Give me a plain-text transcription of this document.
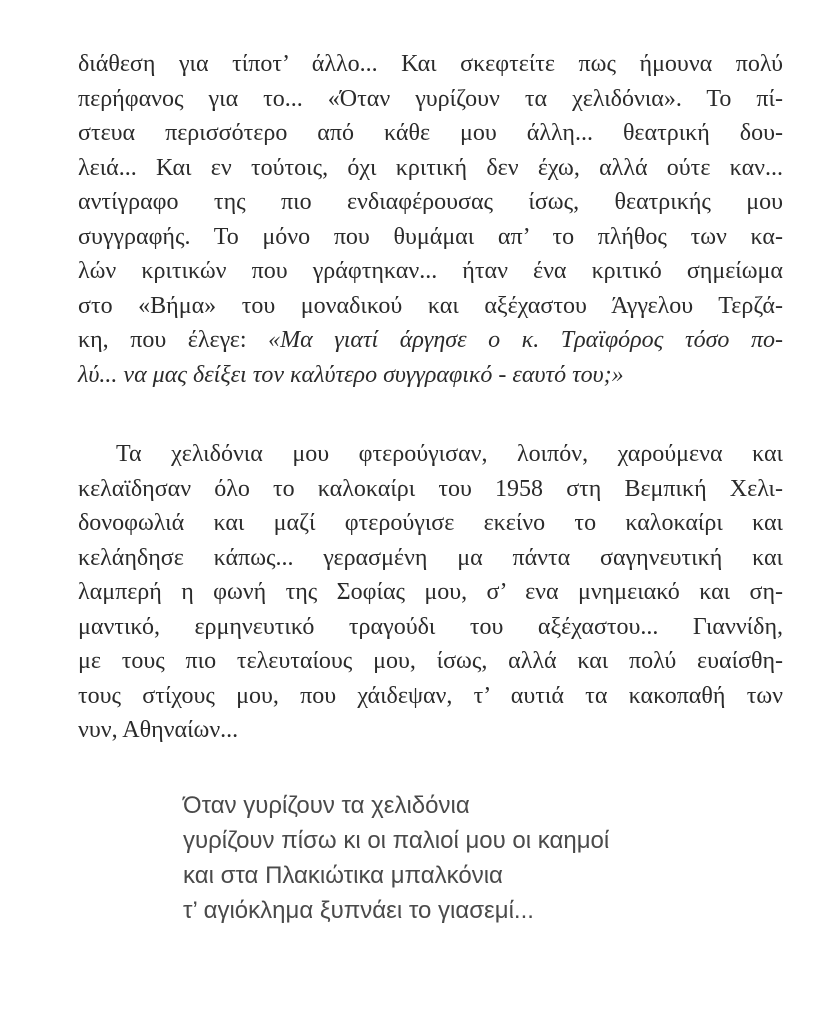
διάθεση για τίποτ’ άλλο... Και σκεφτείτε πως ήμουνα πολύ
περήφανος για το... «Όταν γυρίζουν τα χελιδόνια». Το πί-
στευα περισσότερο από κάθε μου άλλη... θεατρική δου-
λειά... Και εν τούτοις, όχι κριτική δεν έχω, αλλά ούτε καν...
αντίγραφο της πιο ενδιαφέρουσας ίσως, θεατρικής μου
συγγραφής. Το μόνο που θυμάμαι απ’ το πλήθος των κα-
λών κριτικών που γράφτηκαν... ήταν ένα κριτικό σημείωμα
στο «Βήμα» του μοναδικού και αξέχαστου Άγγελου Τερζά-
κη, που έλεγε: «Μα γιατί άργησε ο κ. Τραϊφόρος τόσο πο-
λύ... να μας δείξει τον καλύτερο συγγραφικό - εαυτό του;»
Τα χελιδόνια μου φτερούγισαν, λοιπόν, χαρούμενα και
κελαϊδησαν όλο το καλοκαίρι του 1958 στη Βεμπική Χελι-
δονοφωλιά και μαζί φτερούγισε εκείνο το καλοκαίρι και
κελάηδησε κάπως... γερασμένη μα πάντα σαγηνευτική και
λαμπερή η φωνή της Σοφίας μου, σ’ ενα μνημειακό και ση-
μαντικό, ερμηνευτικό τραγούδι του αξέχαστου... Γιαννίδη,
με τους πιο τελευταίους μου, ίσως, αλλά και πολύ ευαίσθη-
τους στίχους μου, που χάιδεψαν, τ’ αυτιά τα κακοπαθή των
νυν, Αθηναίων...
Όταν γυρίζουν τα χελιδόνια
γυρίζουν πίσω κι οι παλιοί μου οι καημοί
και στα Πλακιώτικα μπαλκόνια
τ’ αγιόκλημα ξυπνάει το γιασεμί...
